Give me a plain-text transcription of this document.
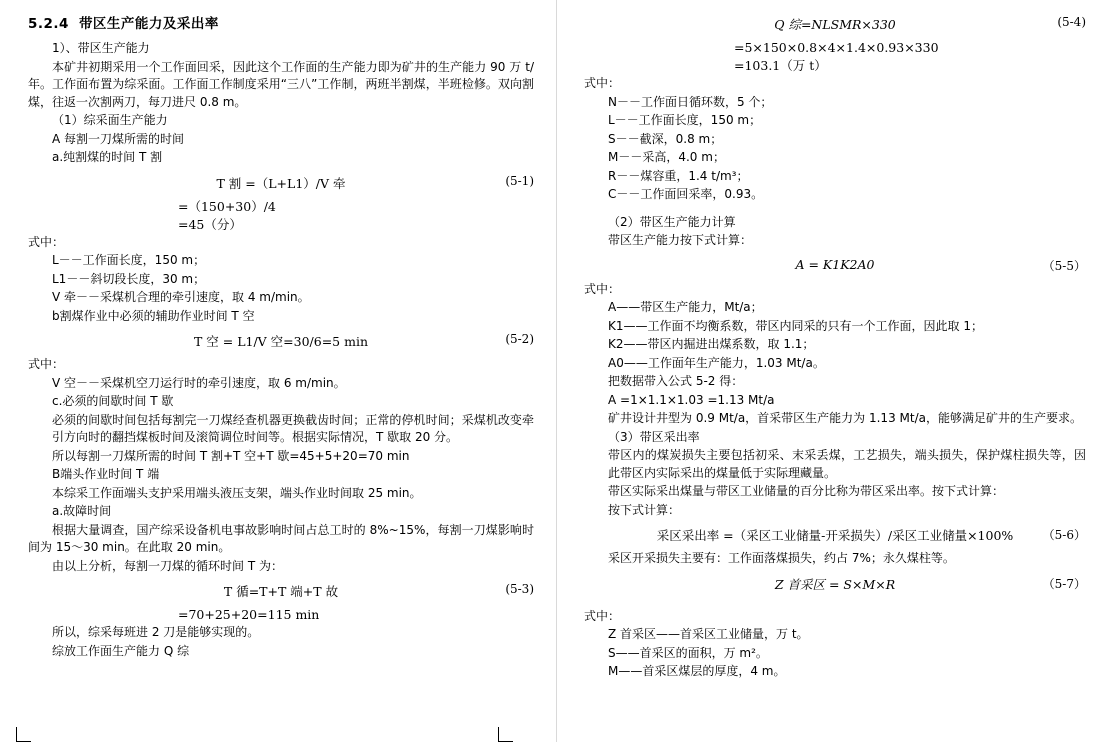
5.2.4 带区生产能力及采出率

1）、带区生产能力

本矿井初期采用一个工作面回采，因此这个工作面的生产能力即为矿井的生产能力 90 万 t/年。工作面布置为综采面。工作面工作制度采用“三八”工作制，两班半割煤，半班检修。双向割煤，往返一次割两刀，每刀进尺 0.8 m。

（1）综采面生产能力

A 每割一刀煤所需的时间

a.纯割煤的时间 T 割

T 割 =（L+L1）/V 牵	(5-1)
=（150+30）/4
=45（分）

式中：

L－－工作面长度，150 m；

L1－－斜切段长度，30 m；

V 牵－－采煤机合理的牵引速度，取 4 m/min。

b割煤作业中必须的辅助作业时间 T 空

T 空 = L1/V 空=30/6=5 min	(5-2)

式中：

V 空－－采煤机空刀运行时的牵引速度，取 6 m/min。

c.必须的间歇时间 T 歇

必须的间歇时间包括每割完一刀煤经查机器更换截齿时间；正常的停机时间；采煤机改变牵引方向时的翻挡煤板时间及滚简调位时间等。根据实际情况，T 歇取 20 分。

所以每割一刀煤所需的时间 T 割+T 空+T 歇=45+5+20=70 min

B端头作业时间 T 端

本综采工作面端头支护采用端头液压支架，端头作业时间取 25 min。

a.故障时间

根据大量调查，国产综采设备机电事故影响时间占总工时的 8%~15%，每割一刀煤影响时间为 15～30 min。在此取 20 min。

由以上分析，每割一刀煤的循环时间 T 为：

T 循=T+T 端+T 故	(5-3)
=70+25+20=115 min

所以，综采每班进 2 刀是能够实现的。

综放工作面生产能力 Q 综

Q 综=NLSMR×330	(5-4)
=5×150×0.8×4×1.4×0.93×330
=103.1（万 t）

式中：

N－－工作面日循环数，5 个；

L－－工作面长度，150 m；

S－－截深，0.8 m；

M－－采高，4.0 m；

R－－煤容重，1.4 t/m³；

C－－工作面回采率，0.93。

（2）带区生产能力计算

带区生产能力按下式计算：

A = K1K2A0	（5-5）

式中：

A——带区生产能力，Mt/a；

K1——工作面不均衡系数，带区内同采的只有一个工作面，因此取 1；

K2——带区内掘进出煤系数，取 1.1；

A0——工作面年生产能力，1.03 Mt/a。

把数据带入公式 5-2 得：

A =1×1.1×1.03 =1.13 Mt/a

矿井设计井型为 0.9 Mt/a，首采带区生产能力为 1.13 Mt/a，能够满足矿井的生产要求。

（3）带区采出率

带区内的煤炭损失主要包括初采、末采丢煤，工艺损失，端头损失，保护煤柱损失等，因此带区内实际采出的煤量低于实际理藏量。

带区实际采出煤量与带区工业储量的百分比称为带区采出率。按下式计算：

按下式计算：

采区采出率 =（采区工业储量-开采损失）/采区工业储量×100%	（5-6）

采区开采损失主要有：工作面落煤损失，约占 7%；永久煤柱等。

Z 首采区 = S×M×R	（5-7）

式中：

Z 首采区——首采区工业储量，万 t。

S——首采区的面积，万 m²。

M——首采区煤层的厚度，4 m。
